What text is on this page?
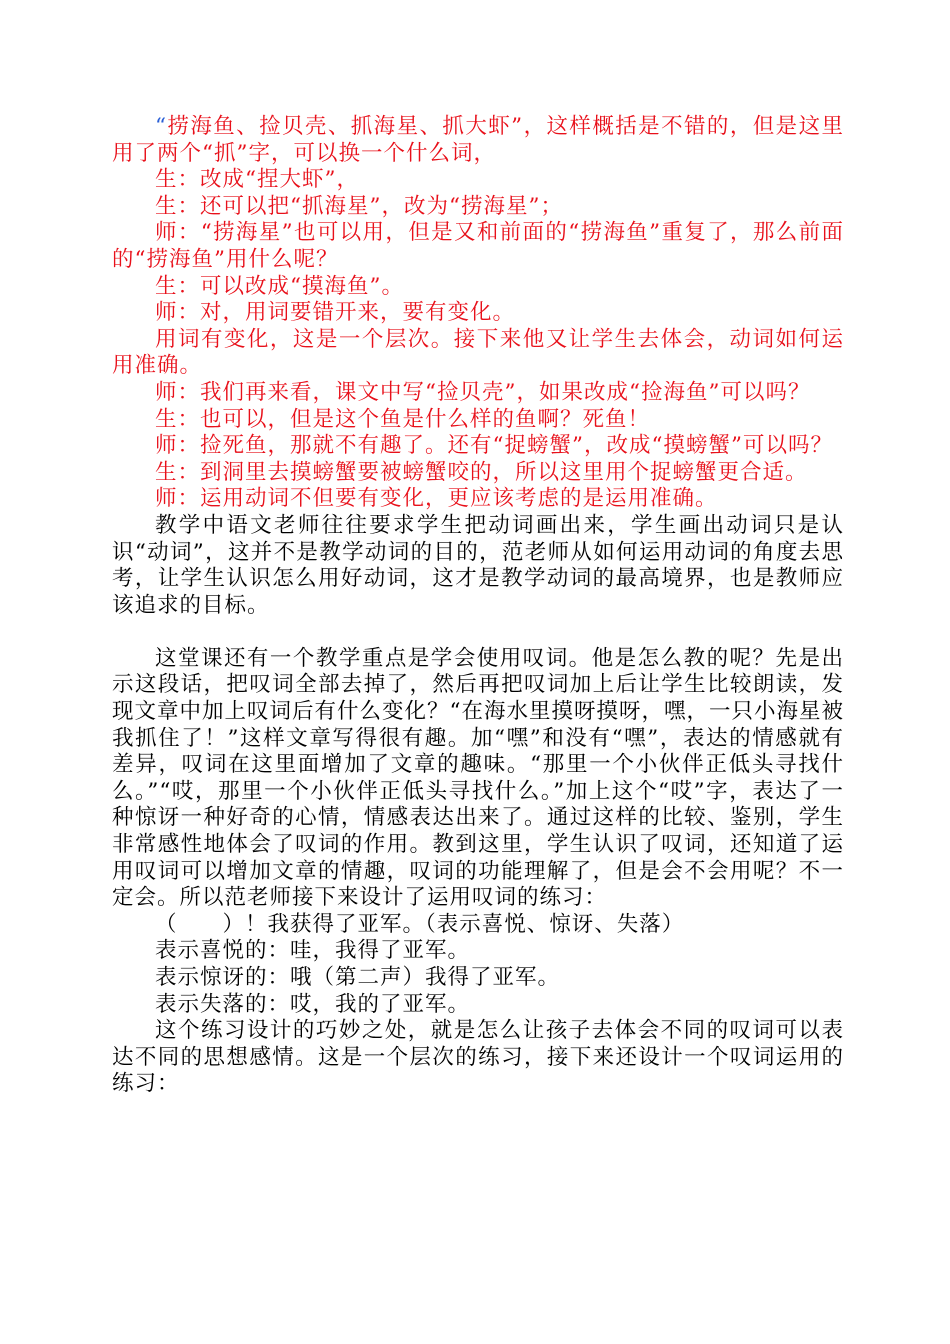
“捞海鱼、捡贝壳、抓海星、抓大虾”，这样概括是不错的，但是这里用了两个“抓”字，可以换一个什么词，

生：改成“捏大虾”，

生：还可以把“抓海星”，改为“捞海星”；

师：“捞海星”也可以用，但是又和前面的“捞海鱼”重复了，那么前面的“捞海鱼”用什么呢？

生：可以改成“摸海鱼”。

师：对，用词要错开来，要有变化。

用词有变化，这是一个层次。接下来他又让学生去体会，动词如何运用准确。

师：我们再来看，课文中写“捡贝壳”，如果改成“捡海鱼”可以吗？

生：也可以，但是这个鱼是什么样的鱼啊？死鱼！

师：捡死鱼，那就不有趣了。还有“捉螃蟹”，改成“摸螃蟹”可以吗？

生：到洞里去摸螃蟹要被螃蟹咬的，所以这里用个捉螃蟹更合适。

师：运用动词不但要有变化，更应该考虑的是运用准确。

教学中语文老师往往要求学生把动词画出来，学生画出动词只是认识“动词”，这并不是教学动词的目的，范老师从如何运用动词的角度去思考，让学生认识怎么用好动词，这才是教学动词的最高境界，也是教师应该追求的目标。

这堂课还有一个教学重点是学会使用叹词。他是怎么教的呢？先是出示这段话，把叹词全部去掉了，然后再把叹词加上后让学生比较朗读，发现文章中加上叹词后有什么变化？“在海水里摸呀摸呀，嘿，一只小海星被我抓住了！”这样文章写得很有趣。加“嘿”和没有“嘿”，表达的情感就有差异，叹词在这里面增加了文章的趣味。“那里一个小伙伴正低头寻找什么。”“哎，那里一个小伙伴正低头寻找什么。”加上这个“哎”字，表达了一种惊讶一种好奇的心情，情感表达出来了。通过这样的比较、鉴别，学生非常感性地体会了叹词的作用。教到这里，学生认识了叹词，还知道了运用叹词可以增加文章的情趣，叹词的功能理解了，但是会不会用呢？不一定会。所以范老师接下来设计了运用叹词的练习：

（　　）！我获得了亚军。（表示喜悦、惊讶、失落）

表示喜悦的：哇，我得了亚军。

表示惊讶的：哦（第二声）我得了亚军。

表示失落的：哎，我的了亚军。

这个练习设计的巧妙之处，就是怎么让孩子去体会不同的叹词可以表达不同的思想感情。这是一个层次的练习，接下来还设计一个叹词运用的练习：
